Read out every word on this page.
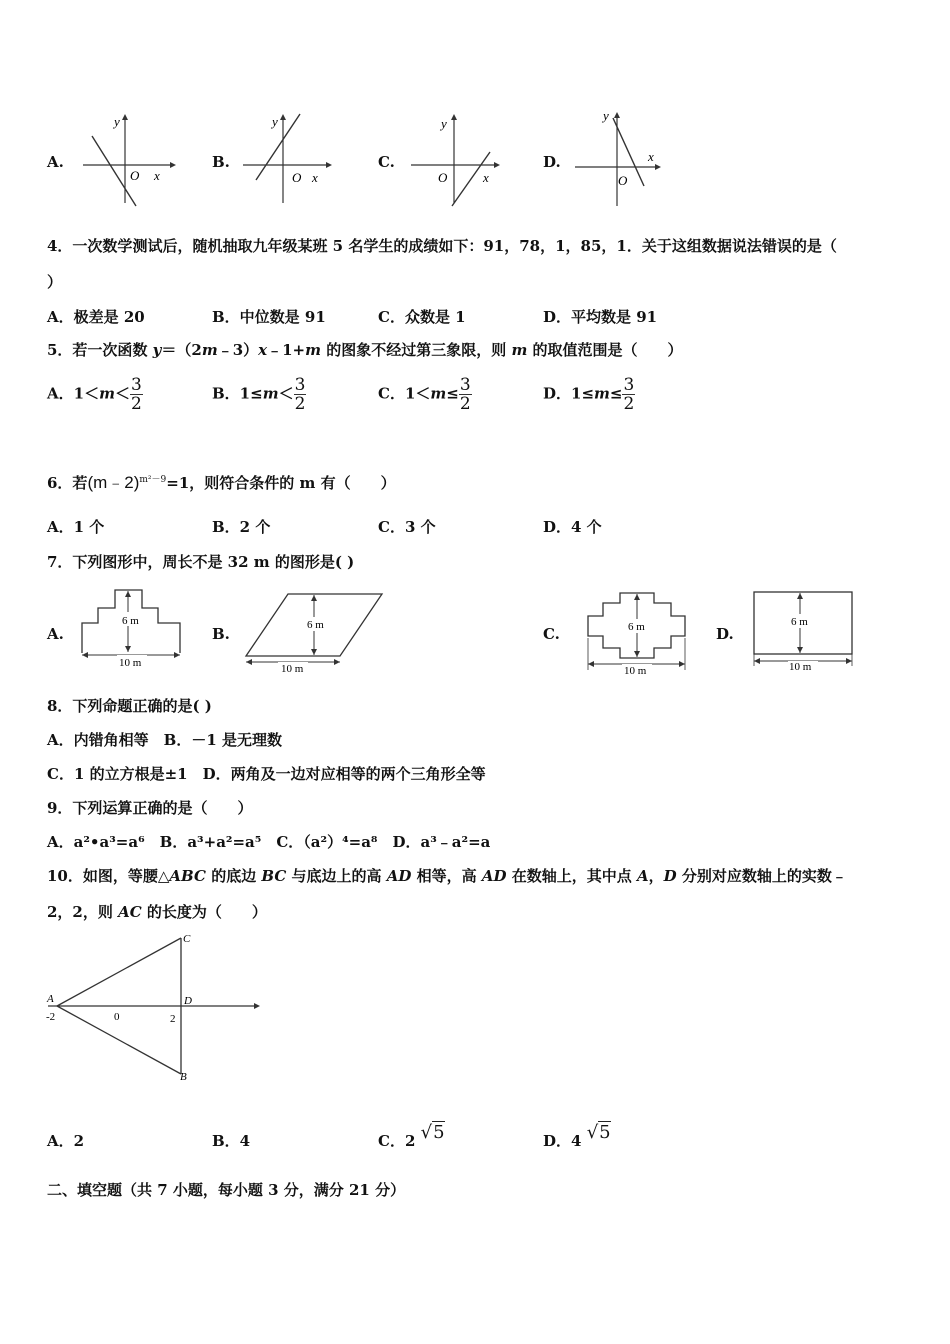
A.	B.	C.	D.
y
O x
y
O x
y
O	x
y
O
x
4．一次数学测试后，随机抽取九年级某班 5 名学生的成绩如下：91，78，1，85，1．关于这组数据说法错误的是（
）
A．极差是 20	B．中位数是 91	C．众数是 1	D．平均数是 91
5．若一次函数 y＝（2m﹣3）x﹣1+m 的图象不经过第三象限，则 m 的取值范围是（　　）
A．$1<m< \frac{3}{2}$	B．$1\le m< \frac{3}{2}$	C．$1<m\le \frac{3}{2}$	D．$1\le m\le \frac{3}{2}$
6．若(m﹣2)$^{m^2-9}$=1，则符合条件的 m 有（　　）
A．1 个	B．2 个	C．3 个	D．4 个
7．下列图形中，周长不是 32 m 的图形是( )
A.	B.	C.	D.
6 m
10 m
6 m
10 m
6 m
10 m
6 m
10 m
8．下列命题正确的是( )
A．内错角相等　B．－1 是无理数
C．1 的立方根是±1　D．两角及一边对应相等的两个三角形全等
9．下列运算正确的是（　　）
A．a²•a³=a⁶　B．a³+a²=a⁵　C．（a²）⁴=a⁸　D．a³﹣a²=a
10．如图，等腰△ABC 的底边 BC 与底边上的高 AD 相等，高 AD 在数轴上，其中点 A，D 分别对应数轴上的实数﹣
2，2，则 AC 的长度为（　　）
C
A	D
B
-2	0	2
A．2	B．4	C．2 √5	D．4 √5
二、填空题（共 7 小题，每小题 3 分，满分 21 分）
